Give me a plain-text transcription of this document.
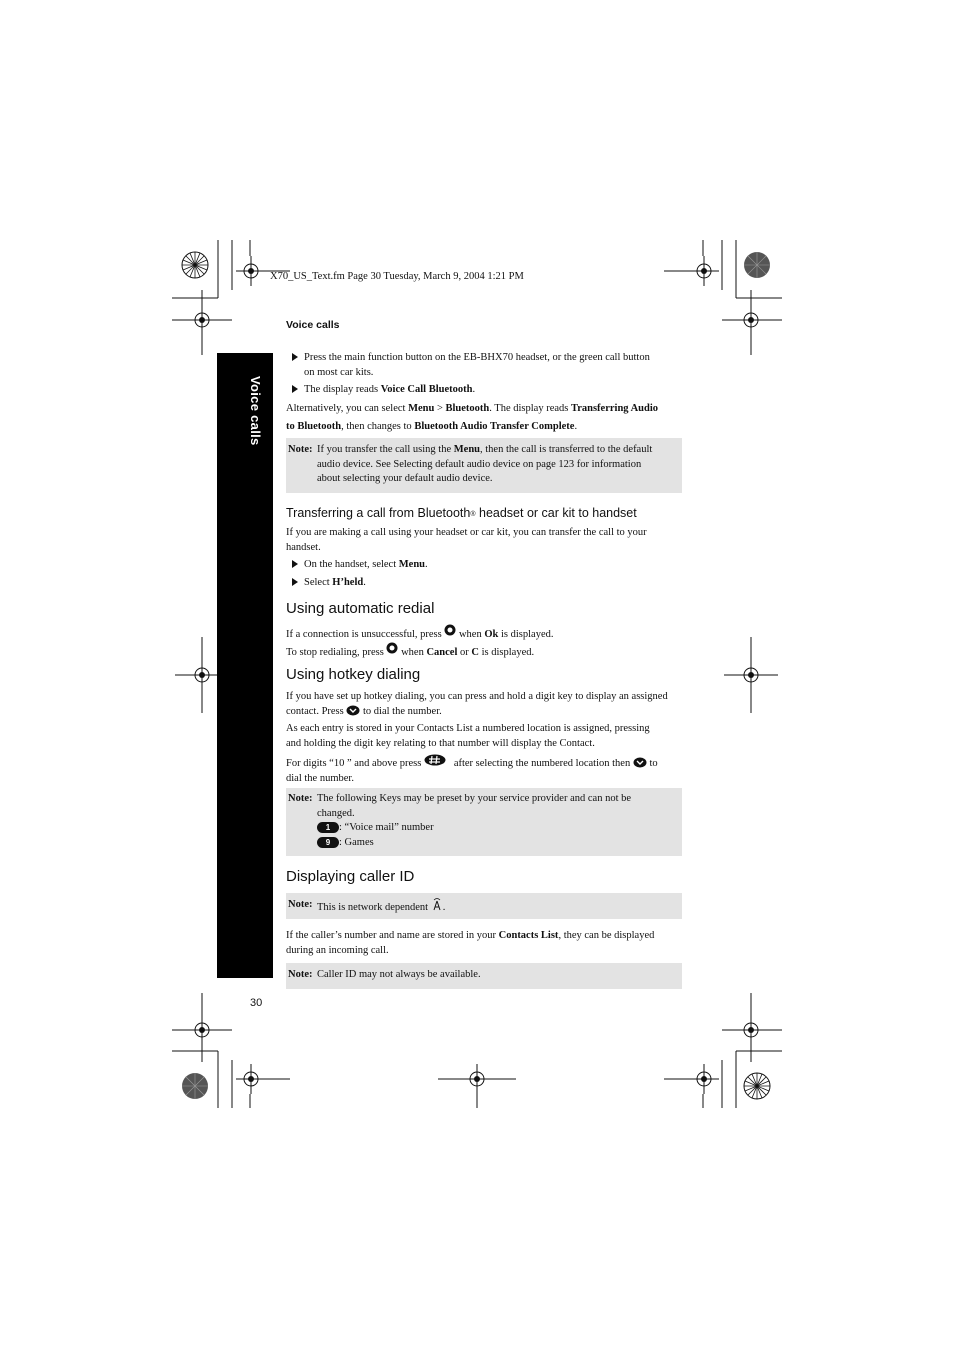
X70_US_Text.fm Page 30 Tuesday, March 9, 2004 1:21 PM
Voice calls
Voice calls
Press the main function button on the EB-BHX70 headset, or the green call button
on most car kits.
The display reads Voice Call Bluetooth.
Alternatively, you can select Menu > Bluetooth. The display reads Transferring Audio
to Bluetooth, then changes to Bluetooth Audio Transfer Complete.
Note: If you transfer the call using the Menu, then the call is transferred to the default
audio device. See Selecting default audio device on page 123 for information
about selecting your default audio device.
Transferring a call from Bluetooth® headset or car kit to handset
If you are making a call using your headset or car kit, you can transfer the call to your
handset.
On the handset, select Menu.
Select H’held.
Using automatic redial
If a connection is unsuccessful, press  when Ok is displayed.
To stop redialing, press  when Cancel or C is displayed.
Using hotkey dialing
If you have set up hotkey dialing, you can press and hold a digit key to display an assigned
contact. Press  to dial the number.
As each entry is stored in your Contacts List a numbered location is assigned, pressing
and holding the digit key relating to that number will display the Contact.
For digits “10 ” and above press	after selecting the numbered location then  to
dial the number.
Note: The following Keys may be preset by your service provider and can not be
changed.
1 : “Voice mail” number
9 : Games
Displaying caller ID
Note: This is network dependent .
If the caller’s number and name are stored in your Contacts List, they can be displayed
during an incoming call.
Note: Caller ID may not always be available.
30
